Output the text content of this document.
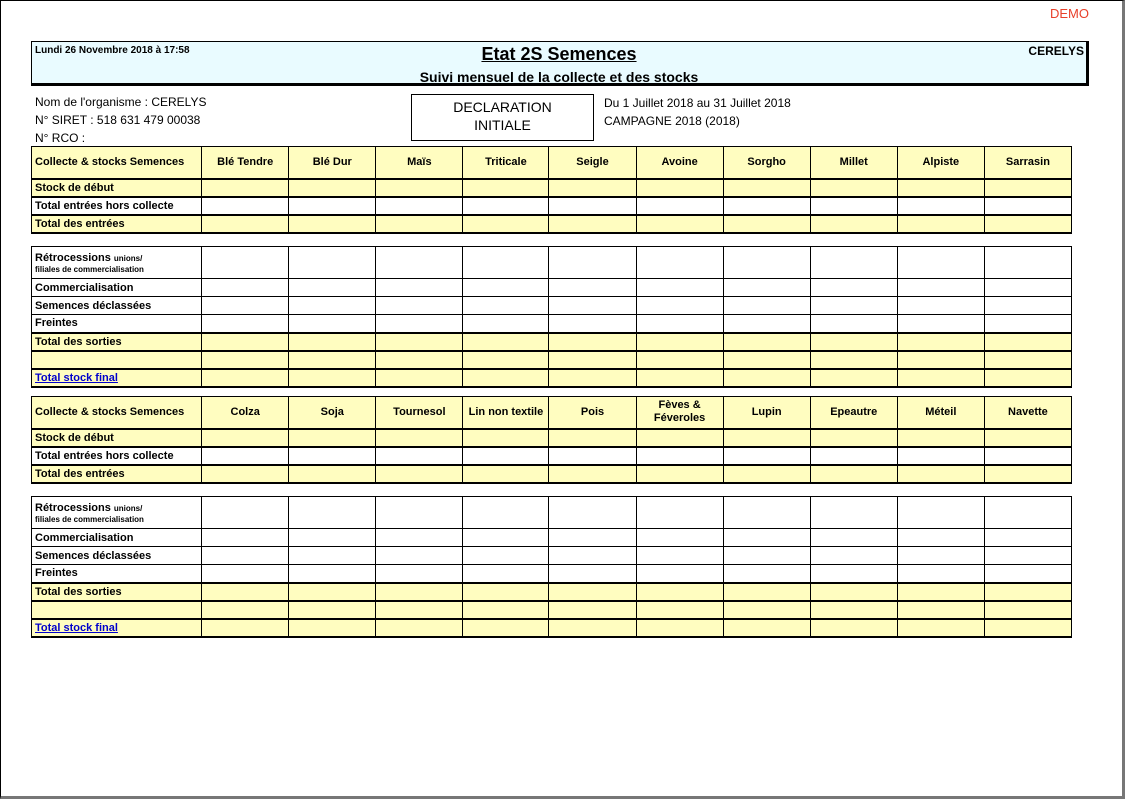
DEMO
Lundi 26 Novembre 2018 à 17:58	Etat 2S Semences
Suivi mensuel de la collecte et des stocks
CERELYS
Nom de l'organisme : CERELYS
N° SIRET : 518 631 479 00038
N° RCO :
DECLARATION
INITIALE
Du 1 Juillet 2018 au 31 Juillet 2018
CAMPAGNE 2018 (2018)
Collecte & stocks Semences	Blé Tendre	Blé Dur	Maïs	Triticale	Seigle	Avoine	Sorgho	Millet	Alpiste	Sarrasin
Stock de début										
Total entrées hors collecte										
Total des entrées										

Rétrocessions unions/
filiales de commercialisation										

Commercialisation										
Semences déclassées										
Freintes										
Total des sorties										

Total stock final										
Collecte & stocks Semences	Colza	Soja	Tournesol	Lin non textile	Pois	Fèves & Féveroles	Lupin	Epeautre	Méteil	Navette
Stock de début										
Total entrées hors collecte										
Total des entrées										

Rétrocessions unions/
filiales de commercialisation										

Commercialisation										
Semences déclassées										
Freintes										
Total des sorties										

Total stock final										
